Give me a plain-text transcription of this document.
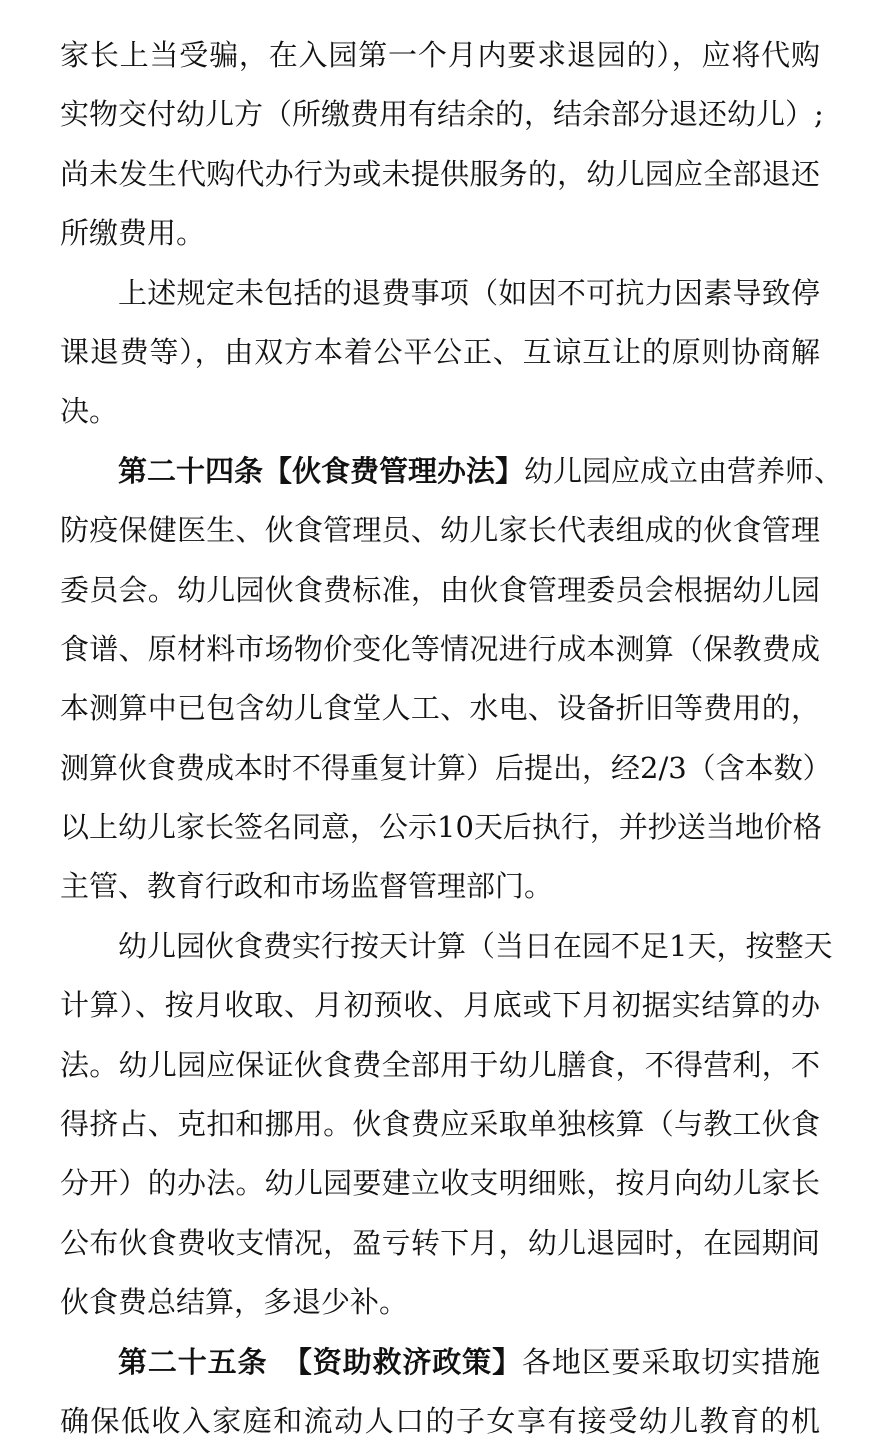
家长上当受骗，在入园第一个月内要求退园的），应将代购
实物交付幼儿方（所缴费用有结余的，结余部分退还幼儿）;
尚未发生代购代办行为或未提供服务的，幼儿园应全部退还
所缴费用。
上述规定未包括的退费事项（如因不可抗力因素导致停
课退费等），由双方本着公平公正、互谅互让的原则协商解
决。
第二十四条【伙食费管理办法】幼儿园应成立由营养师、
防疫保健医生、伙食管理员、幼儿家长代表组成的伙食管理
委员会。幼儿园伙食费标准，由伙食管理委员会根据幼儿园
食谱、原材料市场物价变化等情况进行成本测算（保教费成
本测算中已包含幼儿食堂人工、水电、设备折旧等费用的，
测算伙食费成本时不得重复计算）后提出，经2/3（含本数）
以上幼儿家长签名同意，公示10天后执行，并抄送当地价格
主管、教育行政和市场监督管理部门。
幼儿园伙食费实行按天计算（当日在园不足1天，按整天
计算）、按月收取、月初预收、月底或下月初据实结算的办
法。幼儿园应保证伙食费全部用于幼儿膳食，不得营利，不
得挤占、克扣和挪用。伙食费应采取单独核算（与教工伙食
分开）的办法。幼儿园要建立收支明细账，按月向幼儿家长
公布伙食费收支情况，盈亏转下月，幼儿退园时，在园期间
伙食费总结算，多退少补。
第二十五条　【资助救济政策】各地区要采取切实措施
确保低收入家庭和流动人口的子女享有接受幼儿教育的机
